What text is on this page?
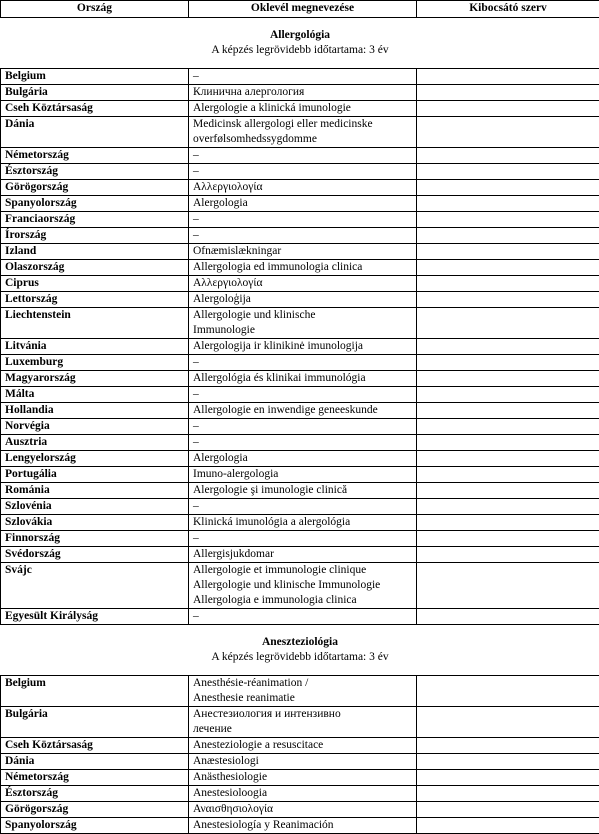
Ország	Oklevél megnevezése	Kibocsátó szerv

Allergológia
A képzés legrövidebb időtartama: 3 év		

Belgium	–	
Bulgária	Клинична алергология	
Cseh Köztársaság	Alergologie a klinická imunologie	
Dánia	Medicinsk allergologi eller medicinske
overfølsomhedssygdomme	
Németország	–	
Észtország	–	
Görögország	Αλλεργιολογία	
Spanyolország	Alergologia	
Franciaország	–	
Írország	–	
Izland	Ofnæmislækningar	
Olaszország	Allergologia ed immunologia clinica	
Ciprus	Αλλεργιολογία	
Lettország	Alergoloģija	
Liechtenstein	Allergologie und klinische
Immunologie	
Litvánia	Alergologija ir klinikinė imunologija	
Luxemburg	–	
Magyarország	Allergológia és klinikai immunológia	
Málta	–	
Hollandia	Allergologie en inwendige geneeskunde	
Norvégia	–	
Ausztria	–	
Lengyelország	Alergologia	
Portugália	Imuno-alergologia	
Románia	Alergologie şi imunologie clinică	
Szlovénia	–	
Szlovákia	Klinická imunológia a alergológia	
Finnország	–	
Svédország	Allergisjukdomar	
Svájc	Allergologie et immunologie clinique
Allergologie und klinische Immunologie
Allergologia e immunologia clinica	
Egyesült Királyság	–	

Aneszteziológia
A képzés legrövidebb időtartama: 3 év		

Belgium	Anesthésie-réanimation /
Anesthesie reanimatie	
Bulgária	Анестезиология и интензивно
лечение	
Cseh Köztársaság	Anesteziologie a resuscitace	
Dánia	Anæstesiologi	
Németország	Anästhesiologie	
Észtország	Anestesioloogia	
Görögország	Αναισθησιολογία	
Spanyolország	Anestesiología y Reanimación	
